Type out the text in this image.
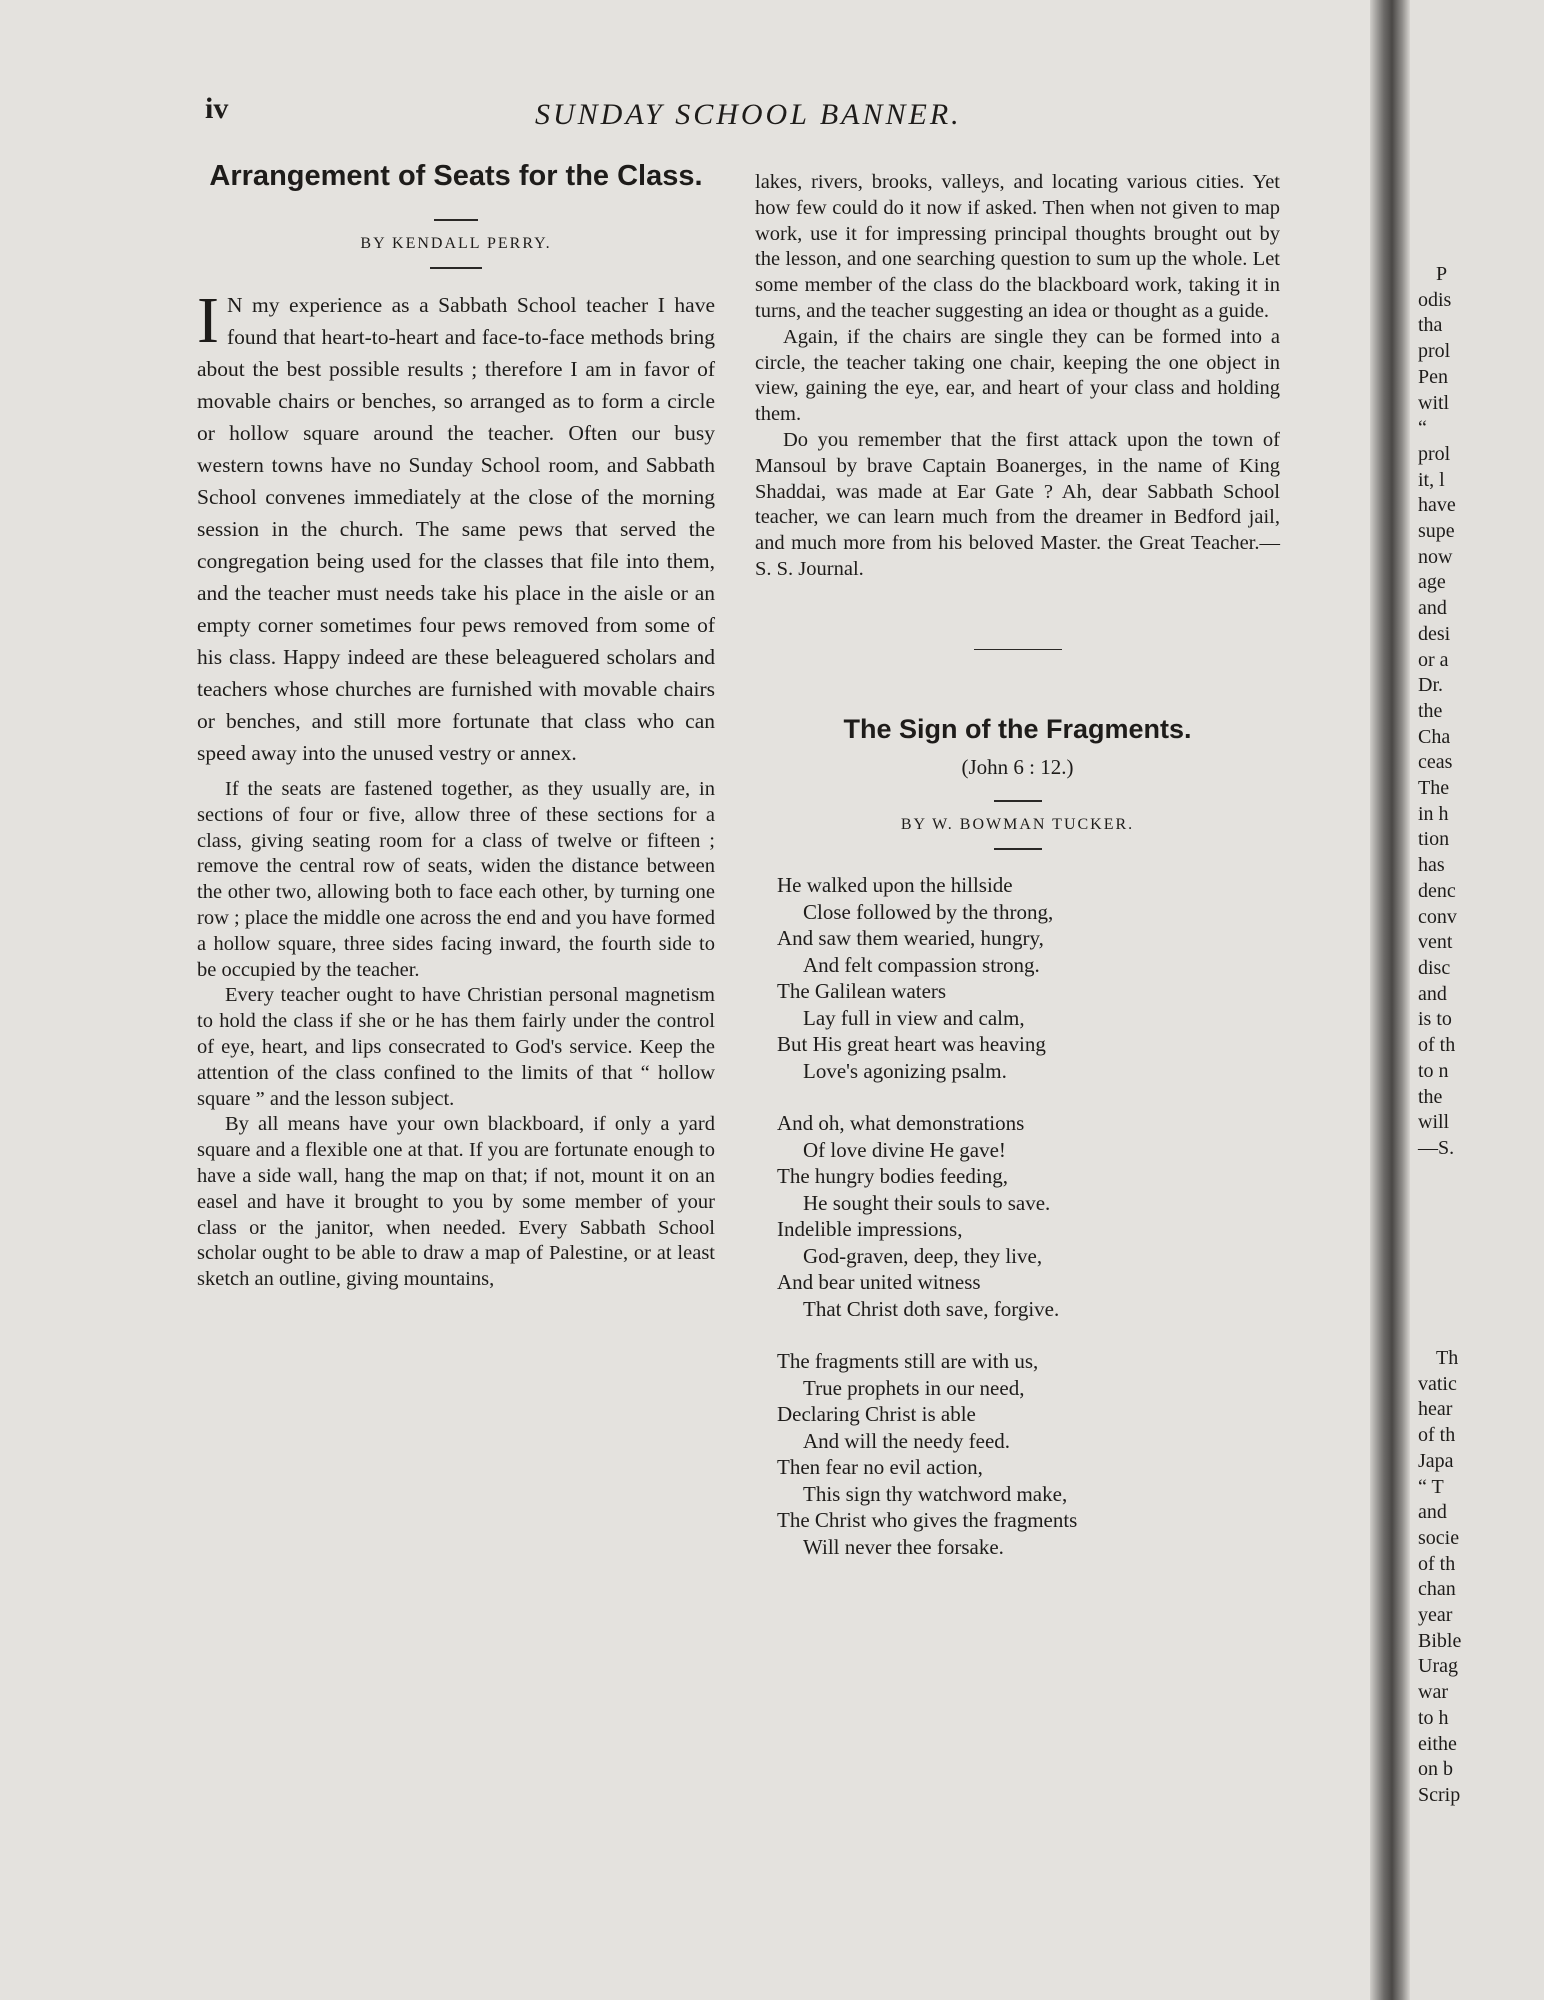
iv	SUNDAY SCHOOL BANNER.
Arrangement of Seats for the Class.
BY KENDALL PERRY.

I N my experience as a Sabbath School teacher I have found that heart-to-heart and face-to-face methods bring about the best possible results ; therefore I am in favor of movable chairs or benches, so arranged as to form a circle or hollow square around the teacher. Often our busy western towns have no Sunday School room, and Sabbath School convenes immediately at the close of the morning session in the church. The same pews that served the congregation being used for the classes that file into them, and the teacher must needs take his place in the aisle or an empty corner sometimes four pews removed from some of his class. Happy indeed are these beleaguered scholars and teachers whose churches are furnished with movable chairs or benches, and still more fortunate that class who can speed away into the unused vestry or annex.

If the seats are fastened together, as they usually are, in sections of four or five, allow three of these sections for a class, giving seating room for a class of twelve or fifteen ; remove the central row of seats, widen the distance between the other two, allowing both to face each other, by turning one row ; place the middle one across the end and you have formed a hollow square, three sides facing inward, the fourth side to be occupied by the teacher.

Every teacher ought to have Christian personal magnetism to hold the class if she or he has them fairly under the control of eye, heart, and lips consecrated to God's service. Keep the attention of the class confined to the limits of that “ hollow square ” and the lesson subject.

By all means have your own blackboard, if only a yard square and a flexible one at that. If you are fortunate enough to have a side wall, hang the map on that; if not, mount it on an easel and have it brought to you by some member of your class or the janitor, when needed. Every Sabbath School scholar ought to be able to draw a map of Palestine, or at least sketch an outline, giving mountains,

lakes, rivers, brooks, valleys, and locating various cities. Yet how few could do it now if asked. Then when not given to map work, use it for impressing principal thoughts brought out by the lesson, and one searching question to sum up the whole. Let some member of the class do the blackboard work, taking it in turns, and the teacher suggesting an idea or thought as a guide.

Again, if the chairs are single they can be formed into a circle, the teacher taking one chair, keeping the one object in view, gaining the eye, ear, and heart of your class and holding them.

Do you remember that the first attack upon the town of Mansoul by brave Captain Boanerges, in the name of King Shaddai, was made at Ear Gate ? Ah, dear Sabbath School teacher, we can learn much from the dreamer in Bedford jail, and much more from his beloved Master. the Great Teacher.—S. S. Journal.

The Sign of the Fragments.
(John 6 : 12.)
BY W. BOWMAN TUCKER.
He walked upon the hillside
Close followed by the throng,
And saw them wearied, hungry,
And felt compassion strong.
The Galilean waters
Lay full in view and calm,
But His great heart was heaving
Love's agonizing psalm.
And oh, what demonstrations
Of love divine He gave!
The hungry bodies feeding,
He sought their souls to save.
Indelible impressions,
God-graven, deep, they live,
And bear united witness
That Christ doth save, forgive.
The fragments still are with us,
True prophets in our need,
Declaring Christ is able
And will the needy feed.
Then fear no evil action,
This sign thy watchword make,
The Christ who gives the fragments
Will never thee forsake.
P
odis
tha
prol
Pen
witl
“
prol
it, l
have
supe
now
age
and
desi
or a
Dr.
the
Cha
ceas
The
in h
tion
has
denc
conv
vent
disc
and
is to
of th
to n
the
will
—S.
Th
vatic
hear
of th
Japa
“ T
and
socie
of th
chan
year
Bible
Urag
war
to h
eithe
on b
Scrip
